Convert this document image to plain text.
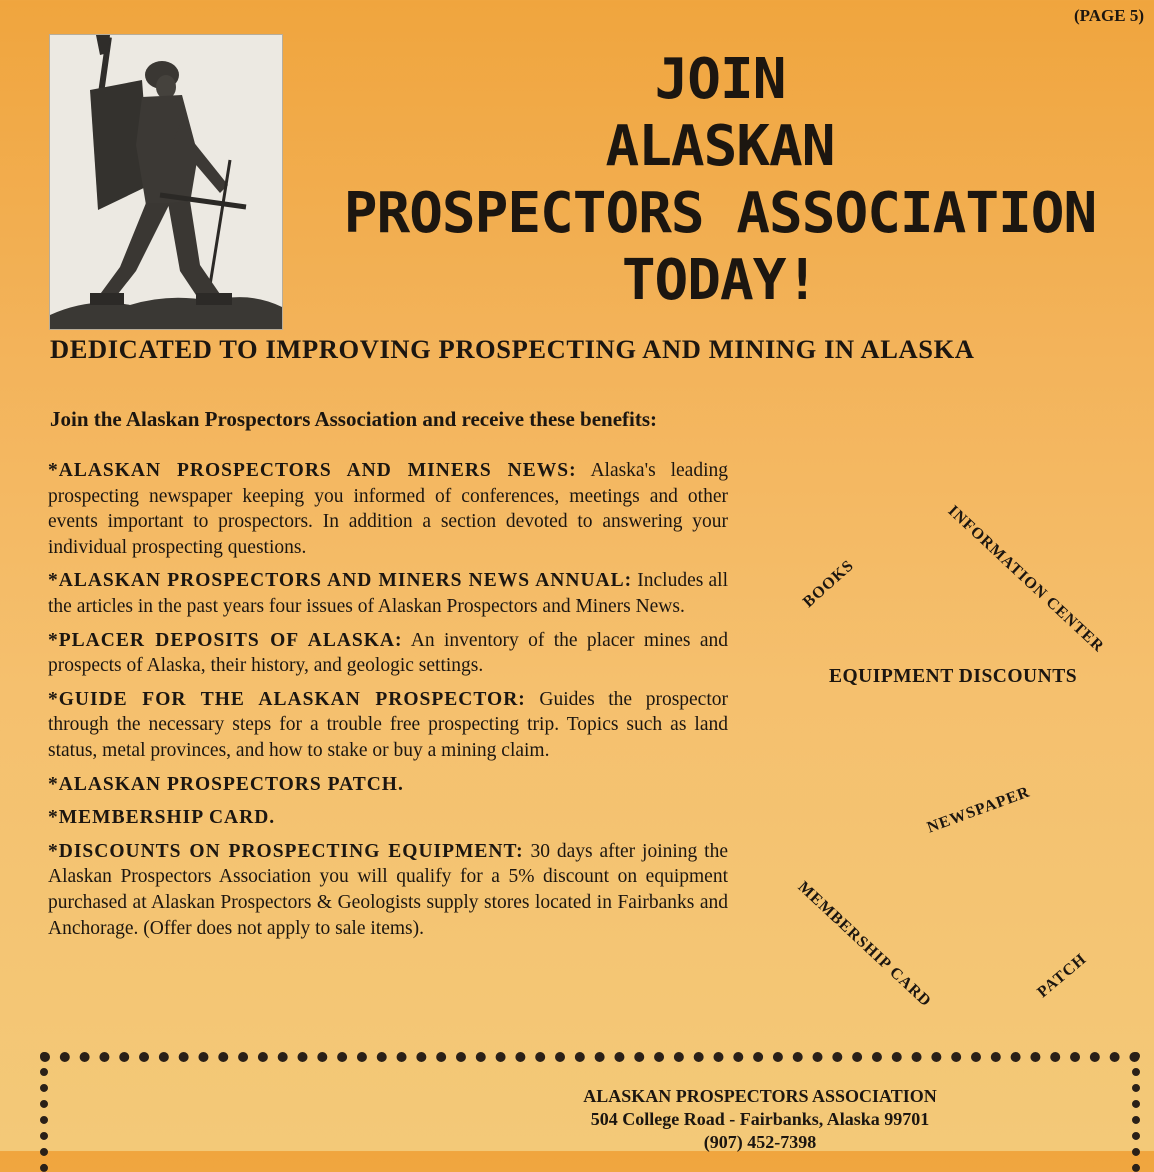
(PAGE 5)
JOIN
ALASKAN
PROSPECTORS ASSOCIATION
TODAY!
DEDICATED TO IMPROVING PROSPECTING AND MINING IN ALASKA
Join the Alaskan Prospectors Association and receive these benefits:
*ALASKAN PROSPECTORS AND MINERS NEWS: Alaska's leading prospecting newspaper keeping you informed of conferences, meetings and other events important to prospectors. In addition a section devoted to answering your individual prospecting questions.
*ALASKAN PROSPECTORS AND MINERS NEWS ANNUAL: Includes all the articles in the past years four issues of Alaskan Prospectors and Miners News.
*PLACER DEPOSITS OF ALASKA: An inventory of the placer mines and prospects of Alaska, their history, and geologic settings.
*GUIDE FOR THE ALASKAN PROSPECTOR: Guides the prospector through the necessary steps for a trouble free prospecting trip. Topics such as land status, metal provinces, and how to stake or buy a mining claim.
*ALASKAN PROSPECTORS PATCH.
*MEMBERSHIP CARD.
*DISCOUNTS ON PROSPECTING EQUIPMENT: 30 days after joining the Alaskan Prospectors Association you will qualify for a 5% discount on equipment purchased at Alaskan Prospectors & Geologists supply stores located in Fairbanks and Anchorage. (Offer does not apply to sale items).
BOOKS	INFORMATION CENTER
EQUIPMENT DISCOUNTS
NEWSPAPER
MEMBERSHIP CARD	PATCH
ALASKAN PROSPECTORS ASSOCIATION
504 College Road - Fairbanks, Alaska 99701
(907) 452-7398
